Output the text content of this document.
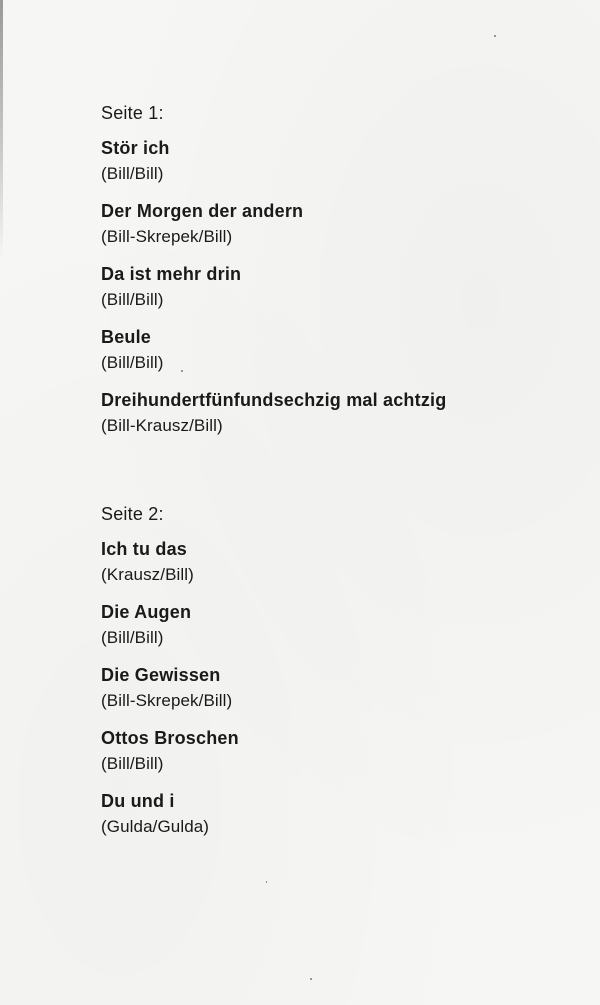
Seite 1:
Stör ich
(Bill/Bill)
Der Morgen der andern
(Bill-Skrepek/Bill)
Da ist mehr drin
(Bill/Bill)
Beule
(Bill/Bill)
Dreihundertfünfundsechzig mal achtzig
(Bill-Krausz/Bill)
Seite 2:
Ich tu das
(Krausz/Bill)
Die Augen
(Bill/Bill)
Die Gewissen
(Bill-Skrepek/Bill)
Ottos Broschen
(Bill/Bill)
Du und i
(Gulda/Gulda)
